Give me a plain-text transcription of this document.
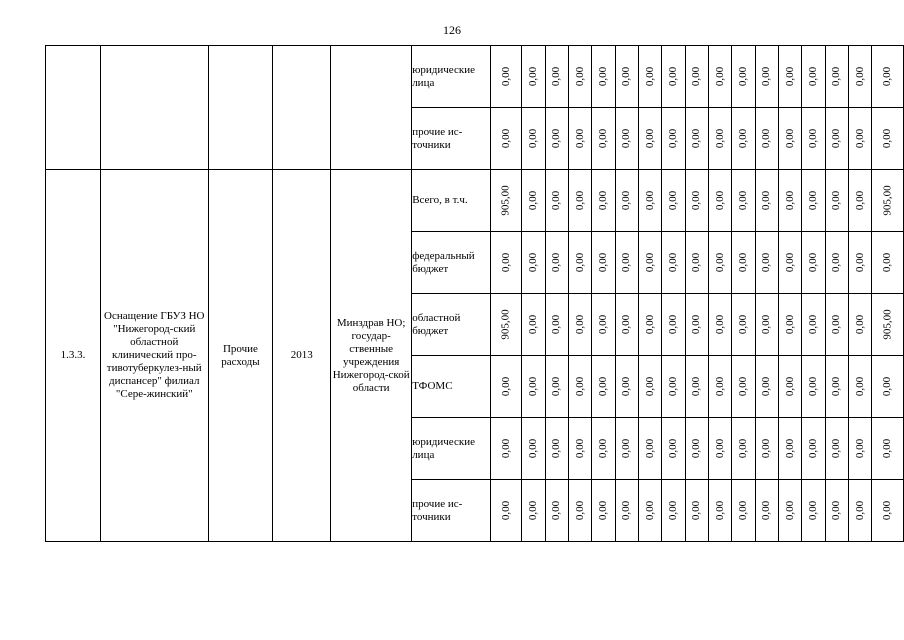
126
					юридические лица	0,00	0,00	0,00	0,00	0,00	0,00	0,00	0,00	0,00	0,00	0,00	0,00	0,00	0,00	0,00	0,00	0,00
					прочие ис-точники	0,00	0,00	0,00	0,00	0,00	0,00	0,00	0,00	0,00	0,00	0,00	0,00	0,00	0,00	0,00	0,00	0,00
1.3.3.	Оснащение ГБУЗ НО "Нижегород-ский областной клинический про-тивотуберкулез-ный диспансер" филиал "Сере-жинский"	Прочие расходы	2013	Минздрав НО; государ-ственные учреждения Нижегород-ской области	Всего, в т.ч.	905,00	0,00	0,00	0,00	0,00	0,00	0,00	0,00	0,00	0,00	0,00	0,00	0,00	0,00	0,00	0,00	905,00
					федеральный бюджет	0,00	0,00	0,00	0,00	0,00	0,00	0,00	0,00	0,00	0,00	0,00	0,00	0,00	0,00	0,00	0,00	0,00
					областной бюджет	905,00	0,00	0,00	0,00	0,00	0,00	0,00	0,00	0,00	0,00	0,00	0,00	0,00	0,00	0,00	0,00	905,00
					ТФОМС	0,00	0,00	0,00	0,00	0,00	0,00	0,00	0,00	0,00	0,00	0,00	0,00	0,00	0,00	0,00	0,00	0,00
					юридические лица	0,00	0,00	0,00	0,00	0,00	0,00	0,00	0,00	0,00	0,00	0,00	0,00	0,00	0,00	0,00	0,00	0,00
					прочие ис-точники	0,00	0,00	0,00	0,00	0,00	0,00	0,00	0,00	0,00	0,00	0,00	0,00	0,00	0,00	0,00	0,00	0,00
